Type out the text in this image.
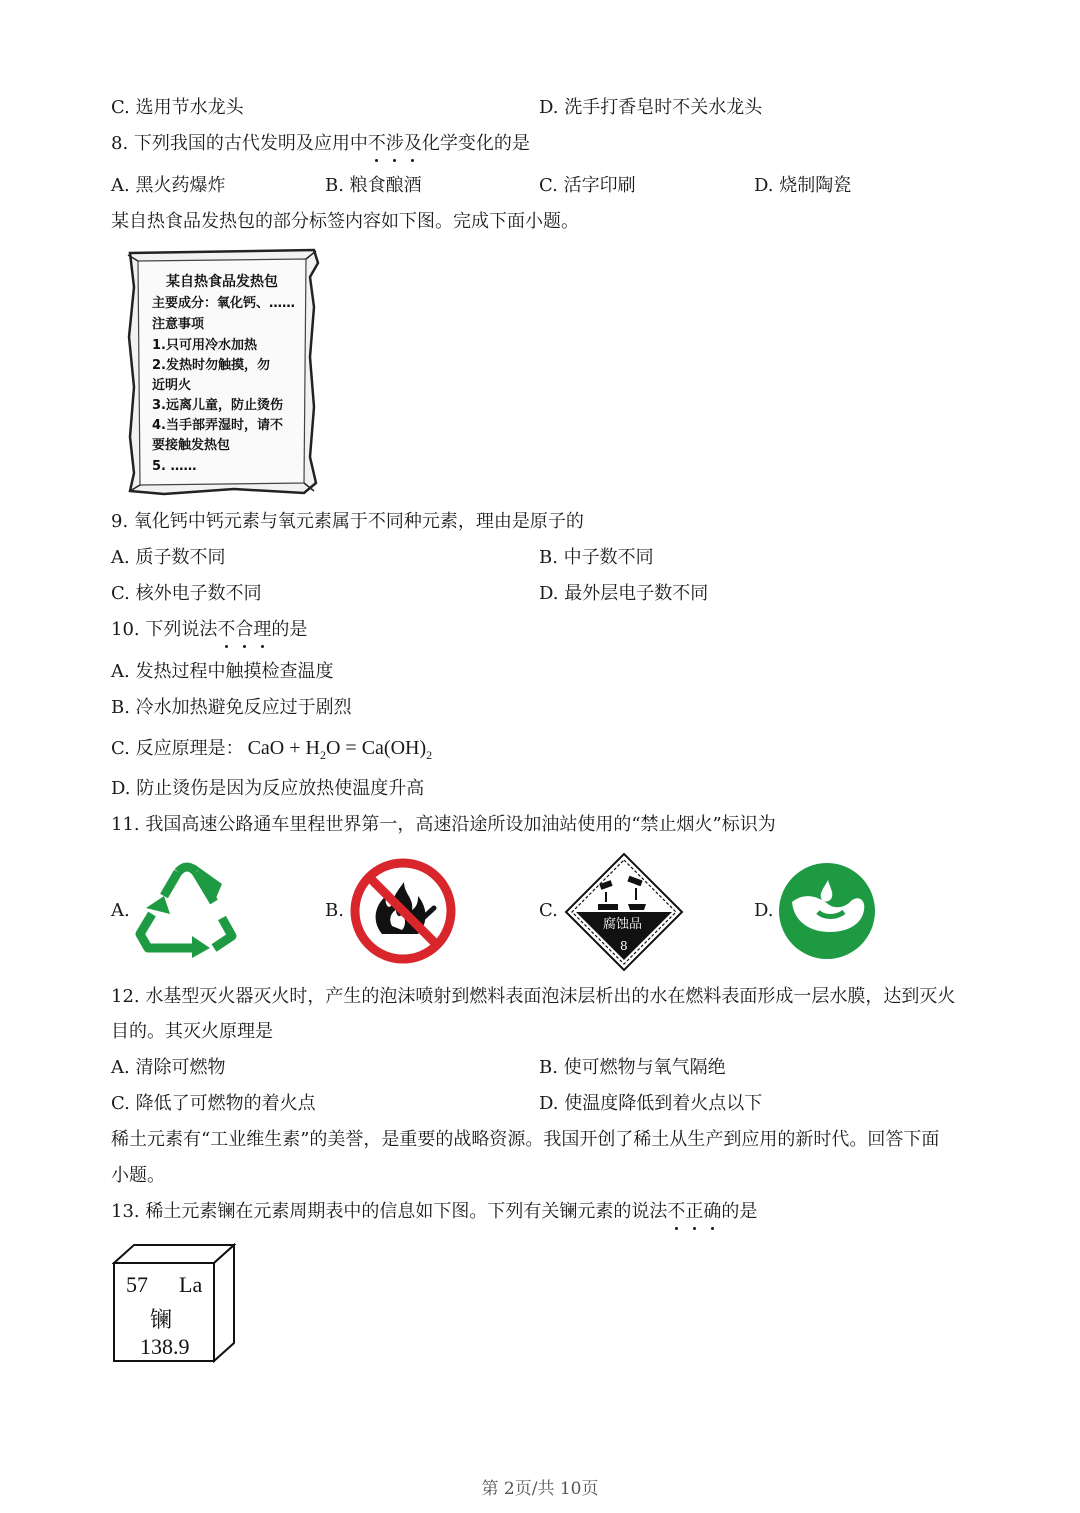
C. 选用节水龙头	D. 洗手打香皂时不关水龙头
8. 下列我国的古代发明及应用中不涉及化学变化的是
A. 黑火药爆炸	B. 粮食酿酒	C. 活字印刷	D. 烧制陶瓷
某自热食品发热包的部分标签内容如下图。完成下面小题。
某自热食品发热包
主要成分：氧化钙、……
注意事项
1.只可用冷水加热
2.发热时勿触摸，勿
近明火
3.远离儿童，防止烫伤
4.当手部弄湿时，请不
要接触发热包
5. ……
9. 氧化钙中钙元素与氧元素属于不同种元素，理由是原子的
A. 质子数不同	B. 中子数不同
C. 核外电子数不同	D. 最外层电子数不同
10. 下列说法不合理的是
A. 发热过程中触摸检查温度
B. 冷水加热避免反应过于剧烈
C. 反应原理是： CaO + $H_2O = Ca(OH)_2$
D. 防止烫伤是因为反应放热使温度升高
11. 我国高速公路通车里程世界第一，高速沿途所设加油站使用的“禁止烟火”标识为
A.	B.	C.
腐蚀品
8
D.
12. 水基型灭火器灭火时，产生的泡沫喷射到燃料表面泡沫层析出的水在燃料表面形成一层水膜，达到灭火
目的。其灭火原理是
A. 清除可燃物	B. 使可燃物与氧气隔绝
C. 降低了可燃物的着火点	D. 使温度降低到着火点以下
稀土元素有“工业维生素”的美誉，是重要的战略资源。我国开创了稀土从生产到应用的新时代。回答下面
小题。
13. 稀土元素镧在元素周期表中的信息如下图。下列有关镧元素的说法不正确的是
57 La
镧
138.9
第 2页/共 10页
